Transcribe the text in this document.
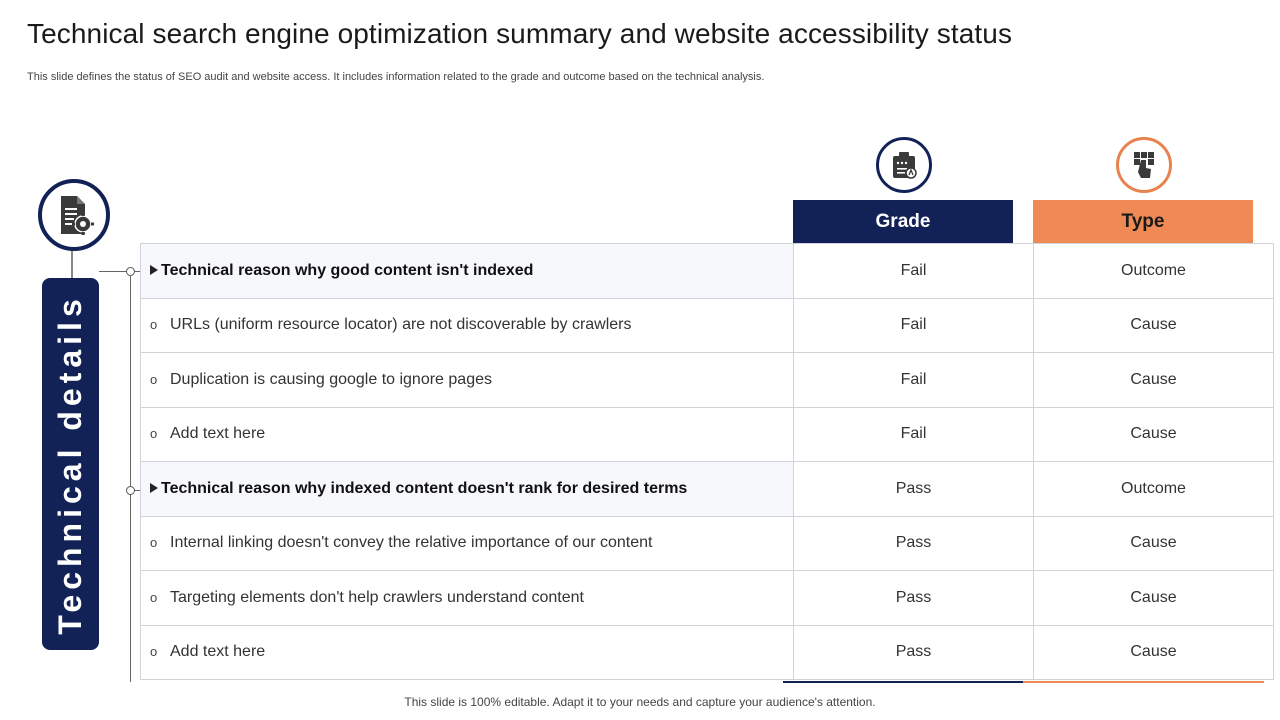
Technical search engine optimization summary and website accessibility status
This slide defines the status of SEO audit and website access. It includes information related to the grade and outcome based on the technical analysis.
Technical details
Grade	Type
Technical reason why good content isn't indexed	Fail	Outcome
o URLs (uniform resource locator) are not discoverable by crawlers	Fail	Cause
o Duplication is causing google to ignore pages	Fail	Cause
o Add text here	Fail	Cause
Technical reason why indexed content doesn't rank for desired terms	Pass	Outcome
o Internal linking doesn't convey the relative importance of our content	Pass	Cause
o Targeting elements don't help crawlers understand content	Pass	Cause
o Add text here	Pass	Cause
This slide is 100% editable. Adapt it to your needs and capture your audience's attention.
